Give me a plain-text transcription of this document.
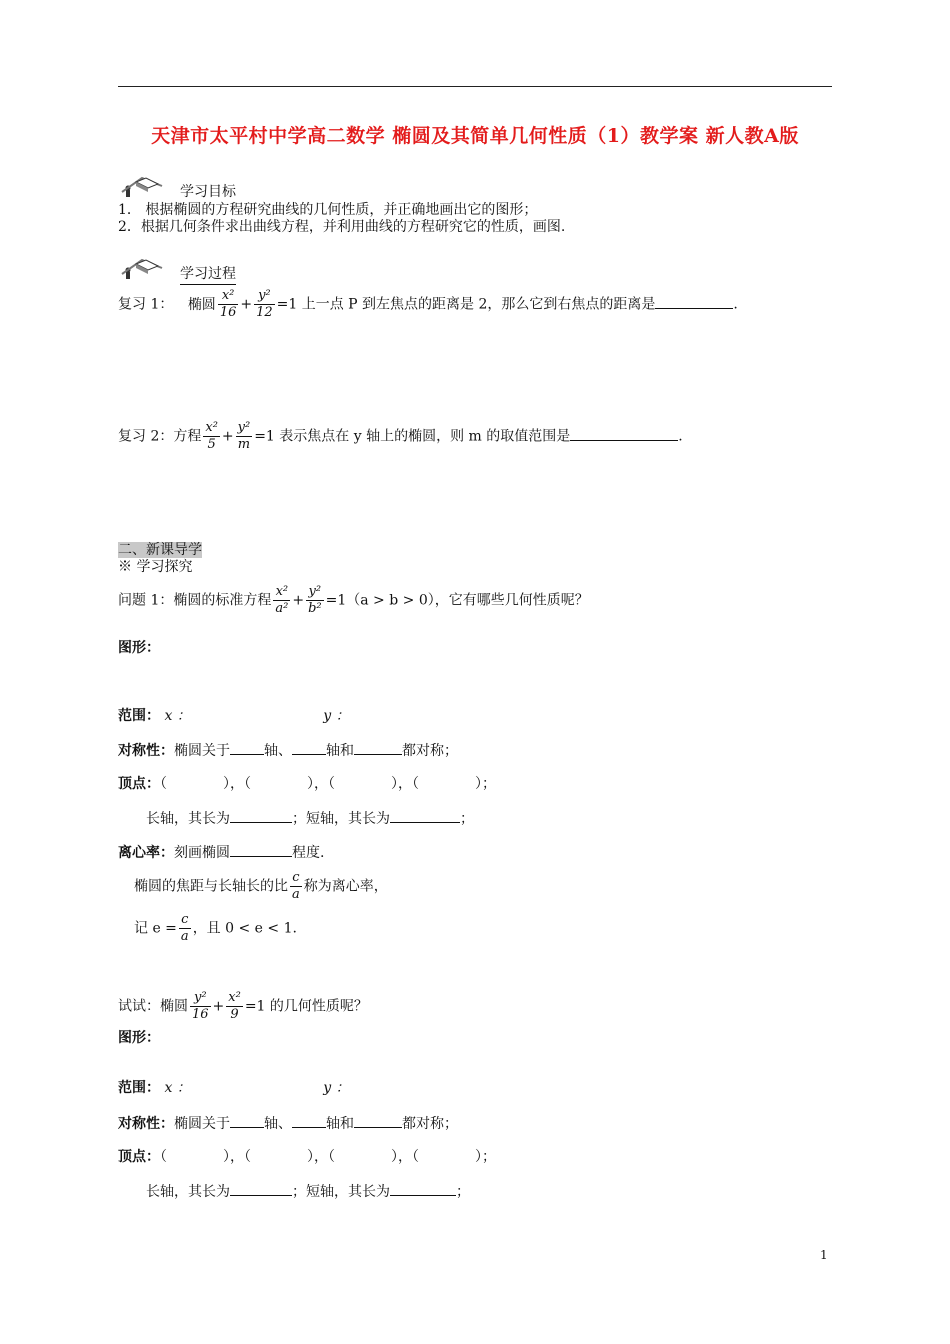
天津市太平村中学高二数学 椭圆及其简单几何性质（1）教学案 新人教A版
学习目标
1． 根据椭圆的方程研究曲线的几何性质，并正确地画出它的图形；
2．根据几何条件求出曲线方程，并利用曲线的方程研究它的性质，画图.
学习过程
复习 1： 椭圆 $\frac{\text{x²}}{16} + \frac{\text{y²}}{12} =1$ 上一点 P 到左焦点的距离是 2，那么它到右焦点的距离是	.
复习 2：方程 $\frac{\text{x²}}{5} + \frac{\text{y²}}{m} =1$ 表示焦点在 y 轴上的椭圆，则 m 的取值范围是	.
二、新课导学
※ 学习探究
问题 1：椭圆的标准方程 $\frac{\text{x²}}{\text{a²}} + \frac{\text{y²}}{\text{b²}} =1(a > b > 0)$，它有哪些几何性质呢？
图形：
范围： x ：	y ：
对称性：椭圆关于 轴、 轴和	都对称；
顶点：（　　　　），（　　　　），（　　　　），（　　　　）；
长轴，其长为	；短轴，其长为	；
离心率：刻画椭圆	程度.
椭圆的焦距与长轴长的比 $\frac{c}{a}$ 称为离心率，
记 $e = \frac{c}{a}$ ，且 0 < e < 1.
试试：椭圆 $\frac{\text{y²}}{16} + \frac{\text{x²}}{9} =1$ 的几何性质呢？
图形：
范围： x ：	y ：
对称性：椭圆关于 轴、 轴和	都对称；
顶点：（　　　　），（　　　　），（　　　　），（　　　　）；
长轴，其长为	；短轴，其长为	；
1
